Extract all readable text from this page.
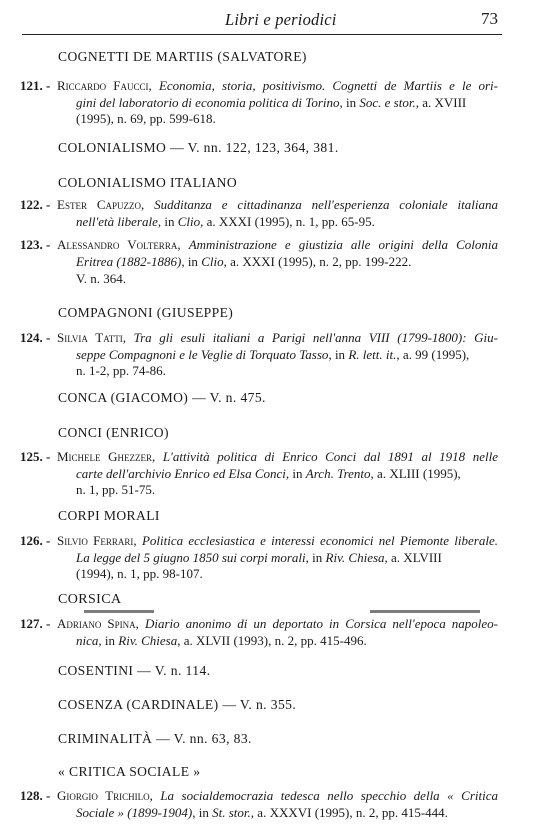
Libri e periodici	73
COGNETTI DE MARTIIS (SALVATORE)
121. - Riccardo Faucci, Economia, storia, positivismo. Cognetti de Martiis e le ori-
gini del laboratorio di economia politica di Torino, in Soc. e stor., a. XVIII
(1995), n. 69, pp. 599-618.
COLONIALISMO — V. nn. 122, 123, 364, 381.
COLONIALISMO ITALIANO
122. - Ester Capuzzo, Sudditanza e cittadinanza nell'esperienza coloniale italiana
nell'età liberale, in Clio, a. XXXI (1995), n. 1, pp. 65-95.
123. - Alessandro Volterra, Amministrazione e giustizia alle origini della Colonia
Eritrea (1882-1886), in Clio, a. XXXI (1995), n. 2, pp. 199-222.
V. n. 364.
COMPAGNONI (GIUSEPPE)
124. - Silvia Tatti, Tra gli esuli italiani a Parigi nell'anna VIII (1799-1800): Giu-
seppe Compagnoni e le Veglie di Torquato Tasso, in R. lett. it., a. 99 (1995),
n. 1-2, pp. 74-86.
CONCA (GIACOMO) — V. n. 475.
CONCI (ENRICO)
125. - Michele Ghezzer, L'attività politica di Enrico Conci dal 1891 al 1918 nelle
carte dell'archivio Enrico ed Elsa Conci, in Arch. Trento, a. XLIII (1995),
n. 1, pp. 51-75.
CORPI MORALI
126. - Silvio Ferrari, Politica ecclesiastica e interessi economici nel Piemonte liberale.
La legge del 5 giugno 1850 sui corpi morali, in Riv. Chiesa, a. XLVIII
(1994), n. 1, pp. 98-107.
CORSICA
127. - Adriano Spina, Diario anonimo di un deportato in Corsica nell'epoca napoleo-
nica, in Riv. Chiesa, a. XLVII (1993), n. 2, pp. 415-496.
COSENTINI — V. n. 114.
COSENZA (CARDINALE) — V. n. 355.
CRIMINALITÀ — V. nn. 63, 83.
« CRITICA SOCIALE »
128. - Giorgio Trichilo, La socialdemocrazia tedesca nello specchio della « Critica
Sociale » (1899-1904), in St. stor., a. XXXVI (1995), n. 2, pp. 415-444.
